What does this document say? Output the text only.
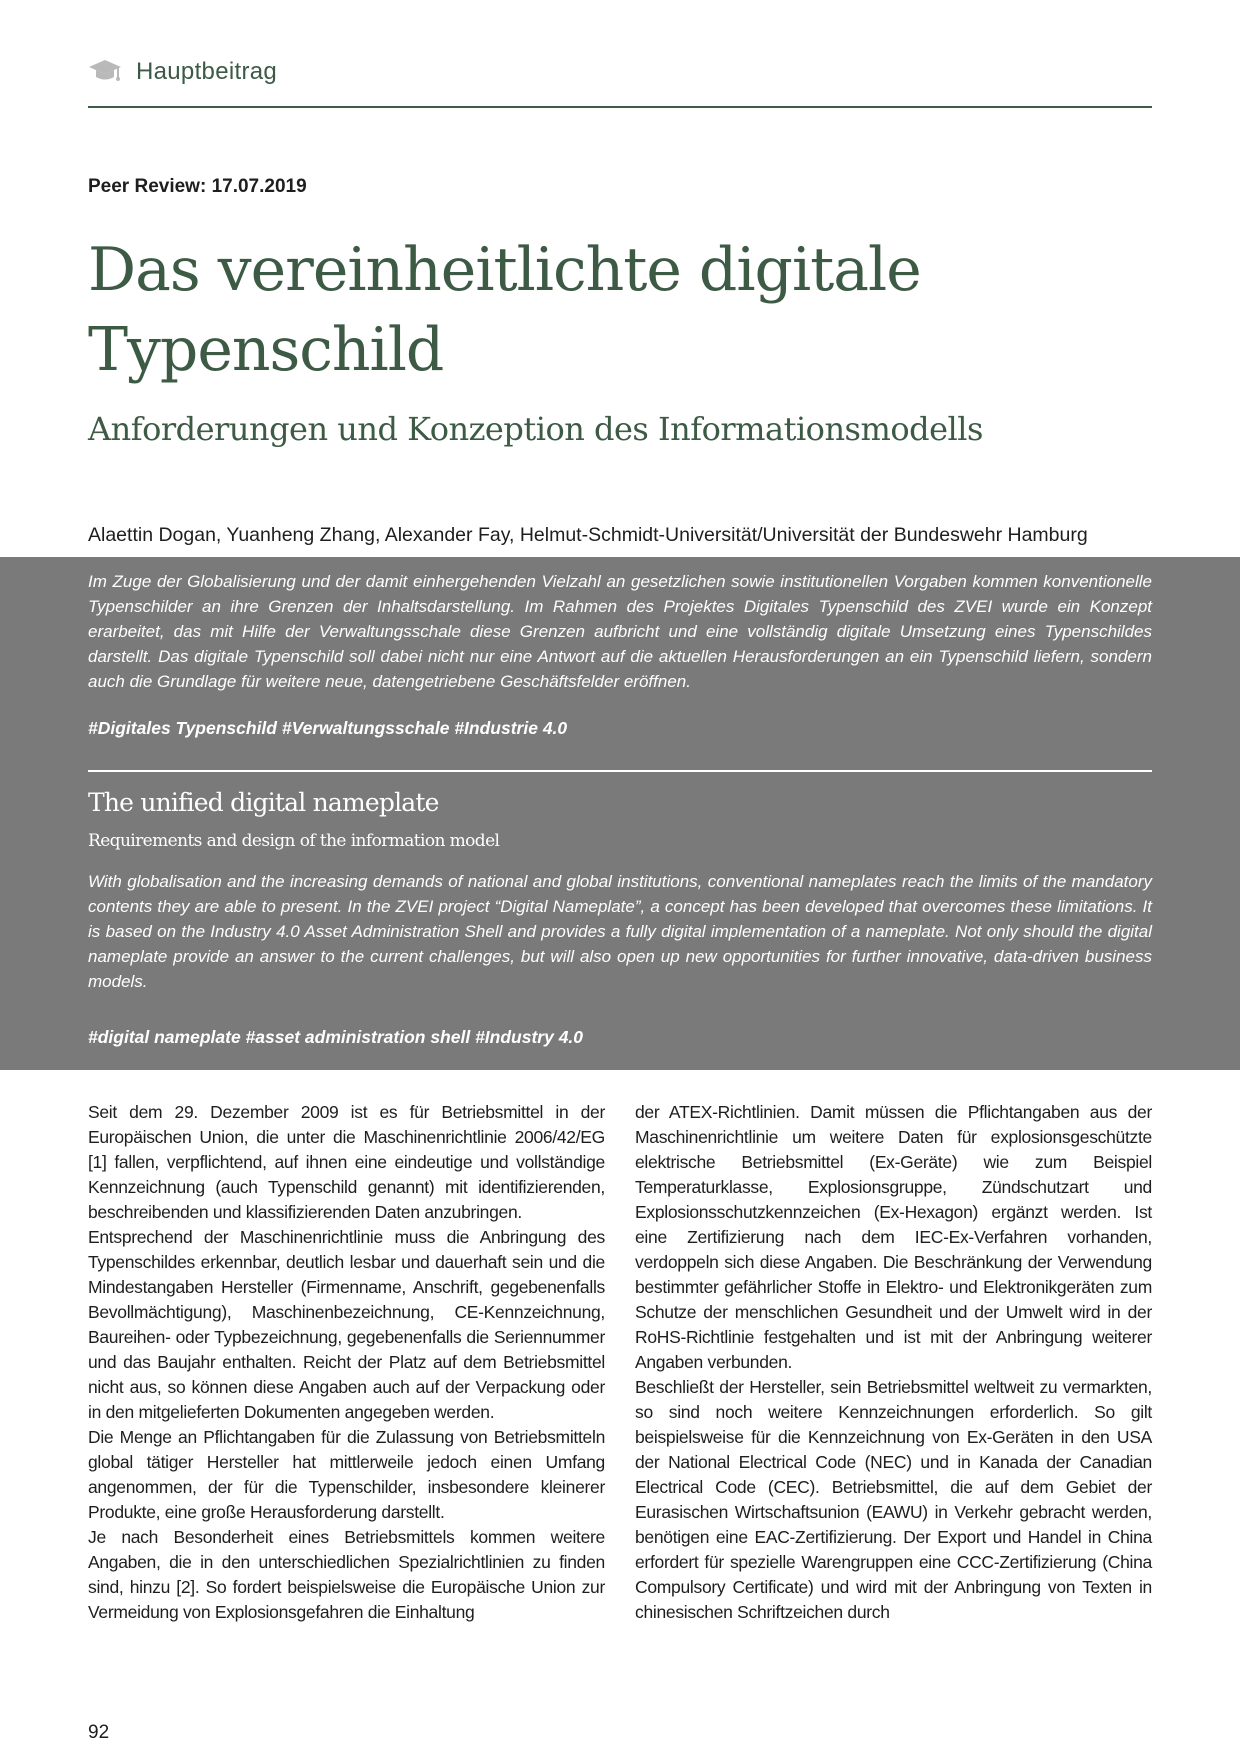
Hauptbeitrag
Peer Review: 17.07.2019
Das vereinheitlichte digitale
Typenschild
Anforderungen und Konzeption des Informationsmodells
Alaettin Dogan, Yuanheng Zhang, Alexander Fay, Helmut-Schmidt-Universität/Universität der Bundeswehr Hamburg
Im Zuge der Globalisierung und der damit einhergehenden Vielzahl an gesetzlichen sowie institutionellen Vorgaben kommen konventionelle Typenschilder an ihre Grenzen der Inhaltsdarstellung. Im Rahmen des Projektes Digitales Typenschild des ZVEI wurde ein Konzept erarbeitet, das mit Hilfe der Verwaltungsschale diese Grenzen aufbricht und eine vollständig digitale Umsetzung eines Typenschildes darstellt. Das digitale Typenschild soll dabei nicht nur eine Antwort auf die aktuellen Herausforderungen an ein Typenschild liefern, sondern auch die Grundlage für weitere neue, datengetriebene Geschäftsfelder eröffnen.
#Digitales Typenschild #Verwaltungsschale #Industrie 4.0
The unified digital nameplate
Requirements and design of the information model
With globalisation and the increasing demands of national and global institutions, conventional nameplates reach the limits of the mandatory contents they are able to present. In the ZVEI project “Digital Nameplate”, a concept has been developed that overcomes these limitations. It is based on the Industry 4.0 Asset Administration Shell and provides a fully digital implementation of a nameplate. Not only should the digital nameplate provide an answer to the current challenges, but will also open up new opportunities for further innovative, data-driven business models.
#digital nameplate #asset administration shell #Industry 4.0

Seit dem 29. Dezember 2009 ist es für Betriebsmittel in der Europäischen Union, die unter die Maschinenrichtlinie 2006/42/EG [1] fallen, verpflichtend, auf ihnen eine eindeutige und vollständige Kennzeichnung (auch Typenschild genannt) mit identifizierenden, beschreibenden und klassifizierenden Daten anzubringen.

Entsprechend der Maschinenrichtlinie muss die Anbringung des Typenschildes erkennbar, deutlich lesbar und dauerhaft sein und die Mindestangaben Hersteller (Firmenname, Anschrift, gegebenenfalls Bevollmächtigung), Maschinenbezeichnung, CE-Kennzeichnung, Baureihen- oder Typbezeichnung, gegebenenfalls die Seriennummer und das Baujahr enthalten. Reicht der Platz auf dem Betriebsmittel nicht aus, so können diese Angaben auch auf der Verpackung oder in den mitgelieferten Dokumenten angegeben werden.

Die Menge an Pflichtangaben für die Zulassung von Betriebsmitteln global tätiger Hersteller hat mittlerweile jedoch einen Umfang angenommen, der für die Typenschilder, insbesondere kleinerer Produkte, eine große Herausforderung darstellt.

Je nach Besonderheit eines Betriebsmittels kommen weitere Angaben, die in den unterschiedlichen Spezialrichtlinien zu finden sind, hinzu [2]. So fordert beispielsweise die Europäische Union zur Vermeidung von Explosionsgefahren die Einhaltung

der ATEX-Richtlinien. Damit müssen die Pflichtangaben aus der Maschinenrichtlinie um weitere Daten für explosionsgeschützte elektrische Betriebsmittel (Ex-Geräte) wie zum Beispiel Temperaturklasse, Explosionsgruppe, Zündschutzart und Explosionsschutzkennzeichen (Ex-Hexagon) ergänzt werden. Ist eine Zertifizierung nach dem IEC-Ex-Verfahren vorhanden, verdoppeln sich diese Angaben. Die Beschränkung der Verwendung bestimmter gefährlicher Stoffe in Elektro- und Elektronikgeräten zum Schutze der menschlichen Gesundheit und der Umwelt wird in der RoHS-Richtlinie festgehalten und ist mit der Anbringung weiterer Angaben verbunden.

Beschließt der Hersteller, sein Betriebsmittel weltweit zu vermarkten, so sind noch weitere Kennzeichnungen erforderlich. So gilt beispielsweise für die Kennzeichnung von Ex-Geräten in den USA der National Electrical Code (NEC) und in Kanada der Canadian Electrical Code (CEC). Betriebsmittel, die auf dem Gebiet der Eurasischen Wirtschaftsunion (EAWU) in Verkehr gebracht werden, benötigen eine EAC-Zertifizierung. Der Export und Handel in China erfordert für spezielle Warengruppen eine CCC-Zertifizierung (China Compulsory Certificate) und wird mit der Anbringung von Texten in chinesischen Schriftzeichen durch

92
